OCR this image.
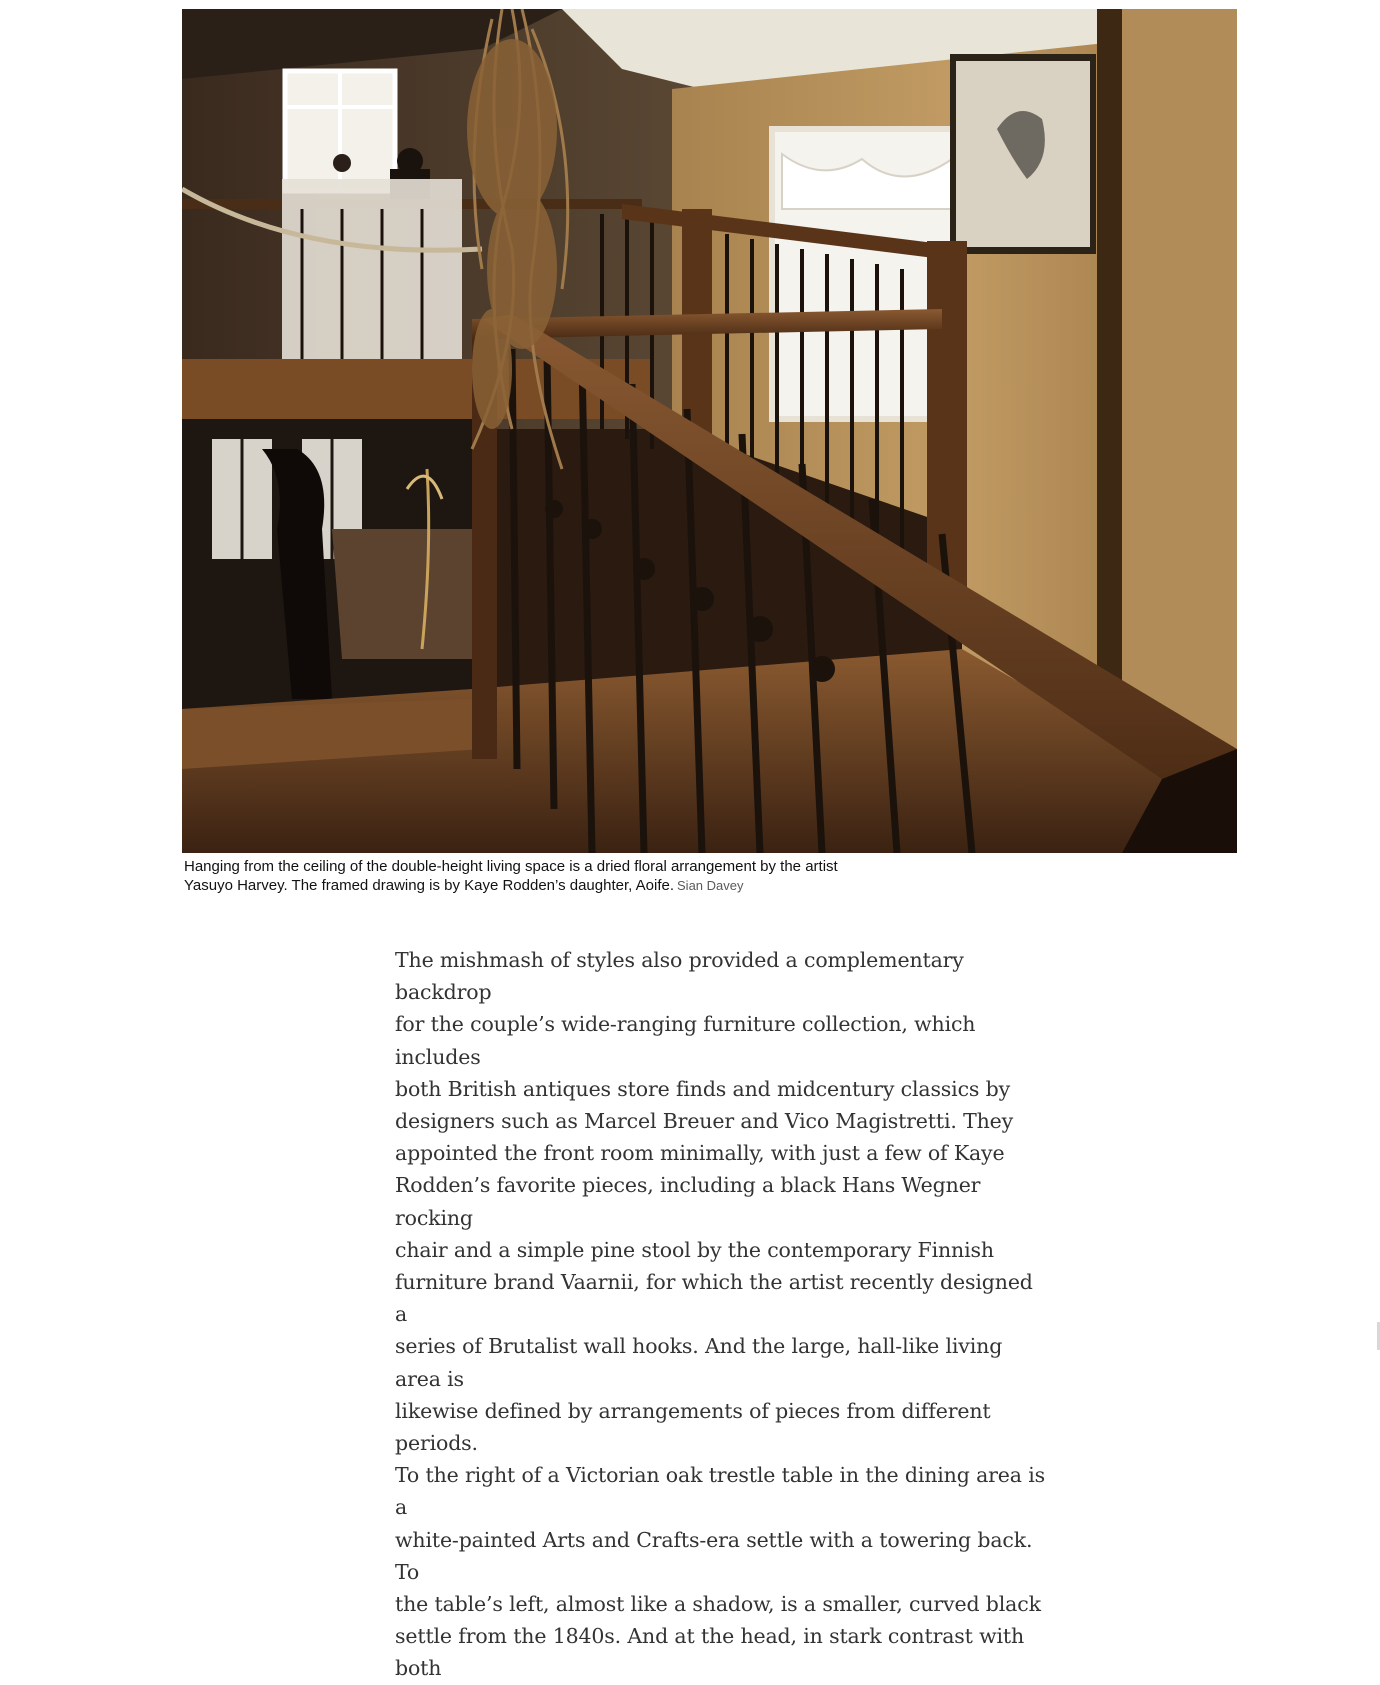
Hanging from the ceiling of the double-height living space is a dried floral arrangement by the artist
Yasuyo Harvey. The framed drawing is by Kaye Rodden’s daughter, Aoife. Sian Davey

The mishmash of styles also provided a complementary backdrop
for the couple’s wide-ranging furniture collection, which includes
both British antiques store finds and midcentury classics by
designers such as Marcel Breuer and Vico Magistretti. They
appointed the front room minimally, with just a few of Kaye
Rodden’s favorite pieces, including a black Hans Wegner rocking
chair and a simple pine stool by the contemporary Finnish
furniture brand Vaarnii, for which the artist recently designed a
series of Brutalist wall hooks. And the large, hall-like living area is
likewise defined by arrangements of pieces from different periods.
To the right of a Victorian oak trestle table in the dining area is a
white-painted Arts and Crafts-era settle with a towering back. To
the table’s left, almost like a shadow, is a smaller, curved black
settle from the 1840s. And at the head, in stark contrast with both
